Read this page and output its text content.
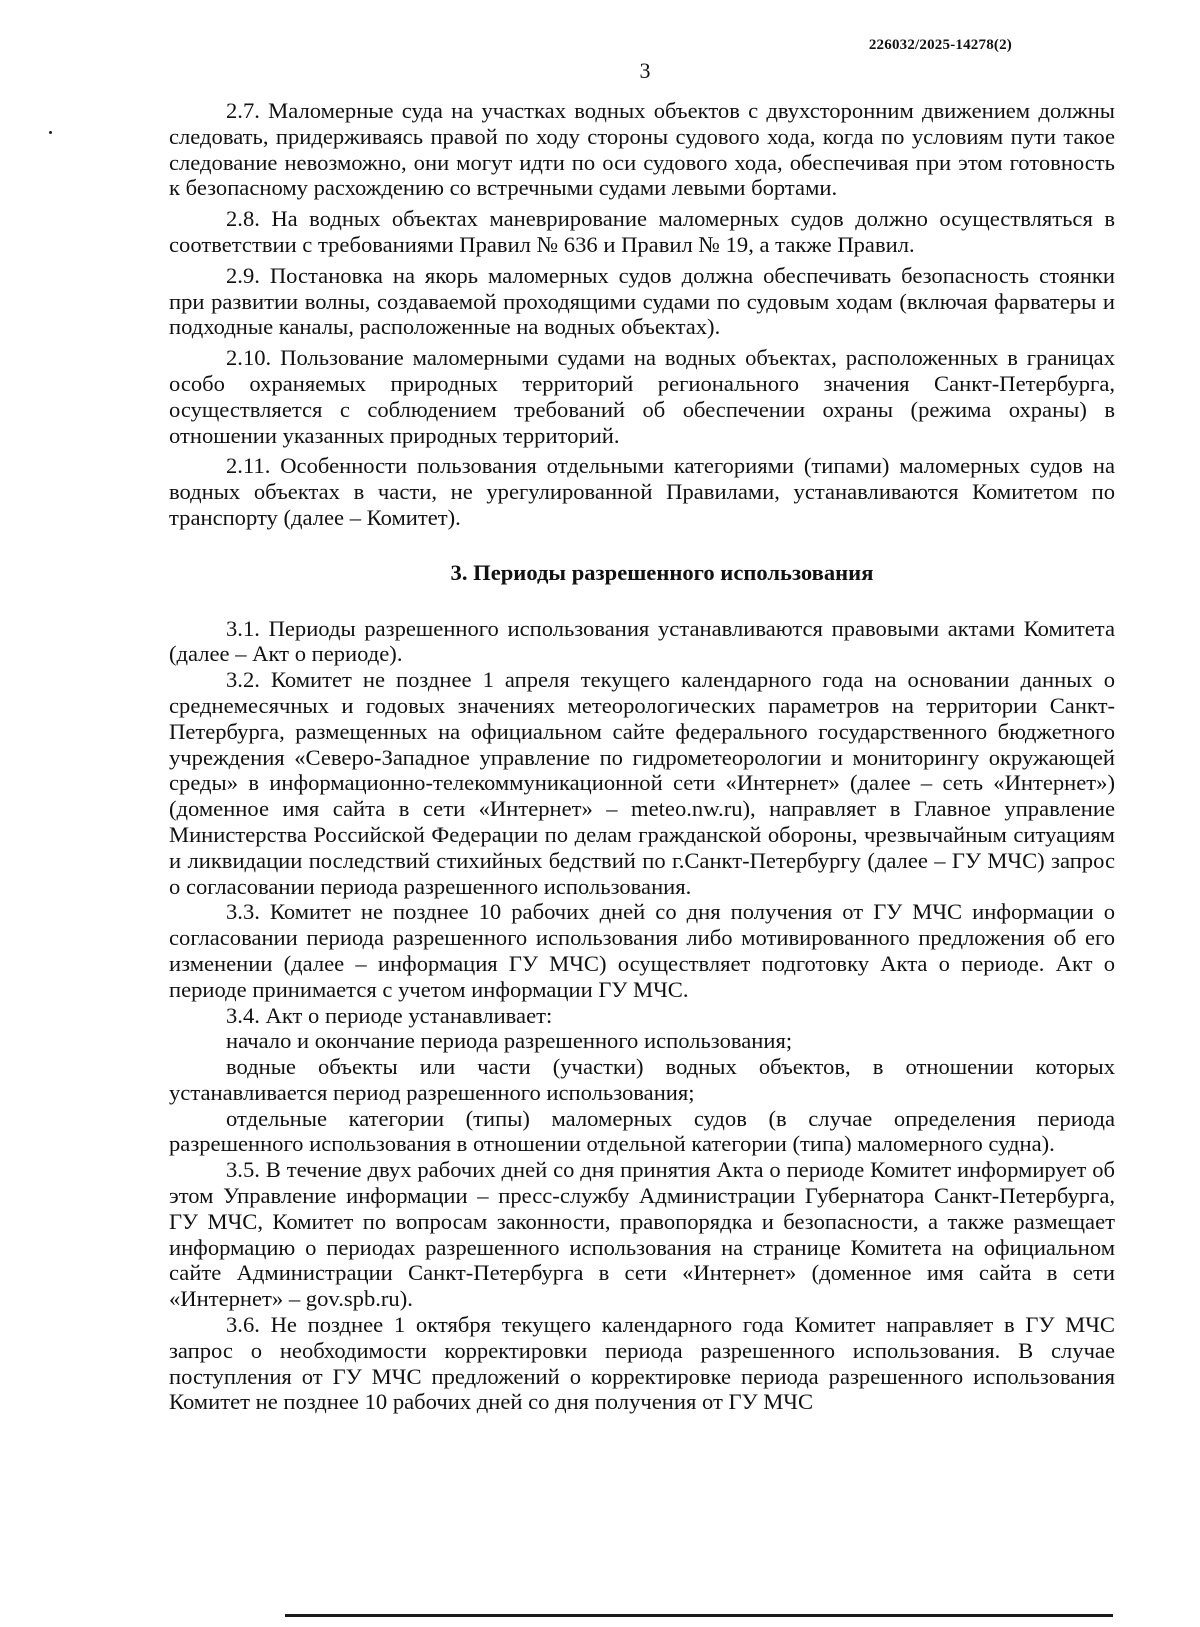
226032/2025-14278(2)
3

2.7. Маломерные суда на участках водных объектов с двухсторонним движением должны следовать, придерживаясь правой по ходу стороны судового хода, когда по условиям пути такое следование невозможно, они могут идти по оси судового хода, обеспечивая при этом готовность к безопасному расхождению со встречными судами левыми бортами.

2.8. На водных объектах маневрирование маломерных судов должно осуществляться в соответствии с требованиями Правил № 636 и Правил № 19, а также Правил.

2.9. Постановка на якорь маломерных судов должна обеспечивать безопасность стоянки при развитии волны, создаваемой проходящими судами по судовым ходам (включая фарватеры и подходные каналы, расположенные на водных объектах).

2.10. Пользование маломерными судами на водных объектах, расположенных в границах особо охраняемых природных территорий регионального значения Санкт-Петербурга, осуществляется с соблюдением требований об обеспечении охраны (режима охраны) в отношении указанных природных территорий.

2.11. Особенности пользования отдельными категориями (типами) маломерных судов на водных объектах в части, не урегулированной Правилами, устанавливаются Комитетом по транспорту (далее – Комитет).

3. Периоды разрешенного использования

3.1. Периоды разрешенного использования устанавливаются правовыми актами Комитета (далее – Акт о периоде).

3.2. Комитет не позднее 1 апреля текущего календарного года на основании данных о среднемесячных и годовых значениях метеорологических параметров на территории Санкт-Петербурга, размещенных на официальном сайте федерального государственного бюджетного учреждения «Северо-Западное управление по гидрометеорологии и мониторингу окружающей среды» в информационно-телекоммуникационной сети «Интернет» (далее – сеть «Интернет») (доменное имя сайта в сети «Интернет» – meteo.nw.ru), направляет в Главное управление Министерства Российской Федерации по делам гражданской обороны, чрезвычайным ситуациям и ликвидации последствий стихийных бедствий по г.Санкт-Петербургу (далее – ГУ МЧС) запрос о согласовании периода разрешенного использования.

3.3. Комитет не позднее 10 рабочих дней со дня получения от ГУ МЧС информации о согласовании периода разрешенного использования либо мотивированного предложения об его изменении (далее – информация ГУ МЧС) осуществляет подготовку Акта о периоде. Акт о периоде принимается с учетом информации ГУ МЧС.

3.4. Акт о периоде устанавливает:

начало и окончание периода разрешенного использования;

водные объекты или части (участки) водных объектов, в отношении которых устанавливается период разрешенного использования;

отдельные категории (типы) маломерных судов (в случае определения периода разрешенного использования в отношении отдельной категории (типа) маломерного судна).

3.5. В течение двух рабочих дней со дня принятия Акта о периоде Комитет информирует об этом Управление информации – пресс-службу Администрации Губернатора Санкт-Петербурга, ГУ МЧС, Комитет по вопросам законности, правопорядка и безопасности, а также размещает информацию о периодах разрешенного использования на странице Комитета на официальном сайте Администрации Санкт-Петербурга в сети «Интернет» (доменное имя сайта в сети «Интернет» – gov.spb.ru).

3.6. Не позднее 1 октября текущего календарного года Комитет направляет в ГУ МЧС запрос о необходимости корректировки периода разрешенного использования. В случае поступления от ГУ МЧС предложений о корректировке периода разрешенного использования Комитет не позднее 10 рабочих дней со дня получения от ГУ МЧС
